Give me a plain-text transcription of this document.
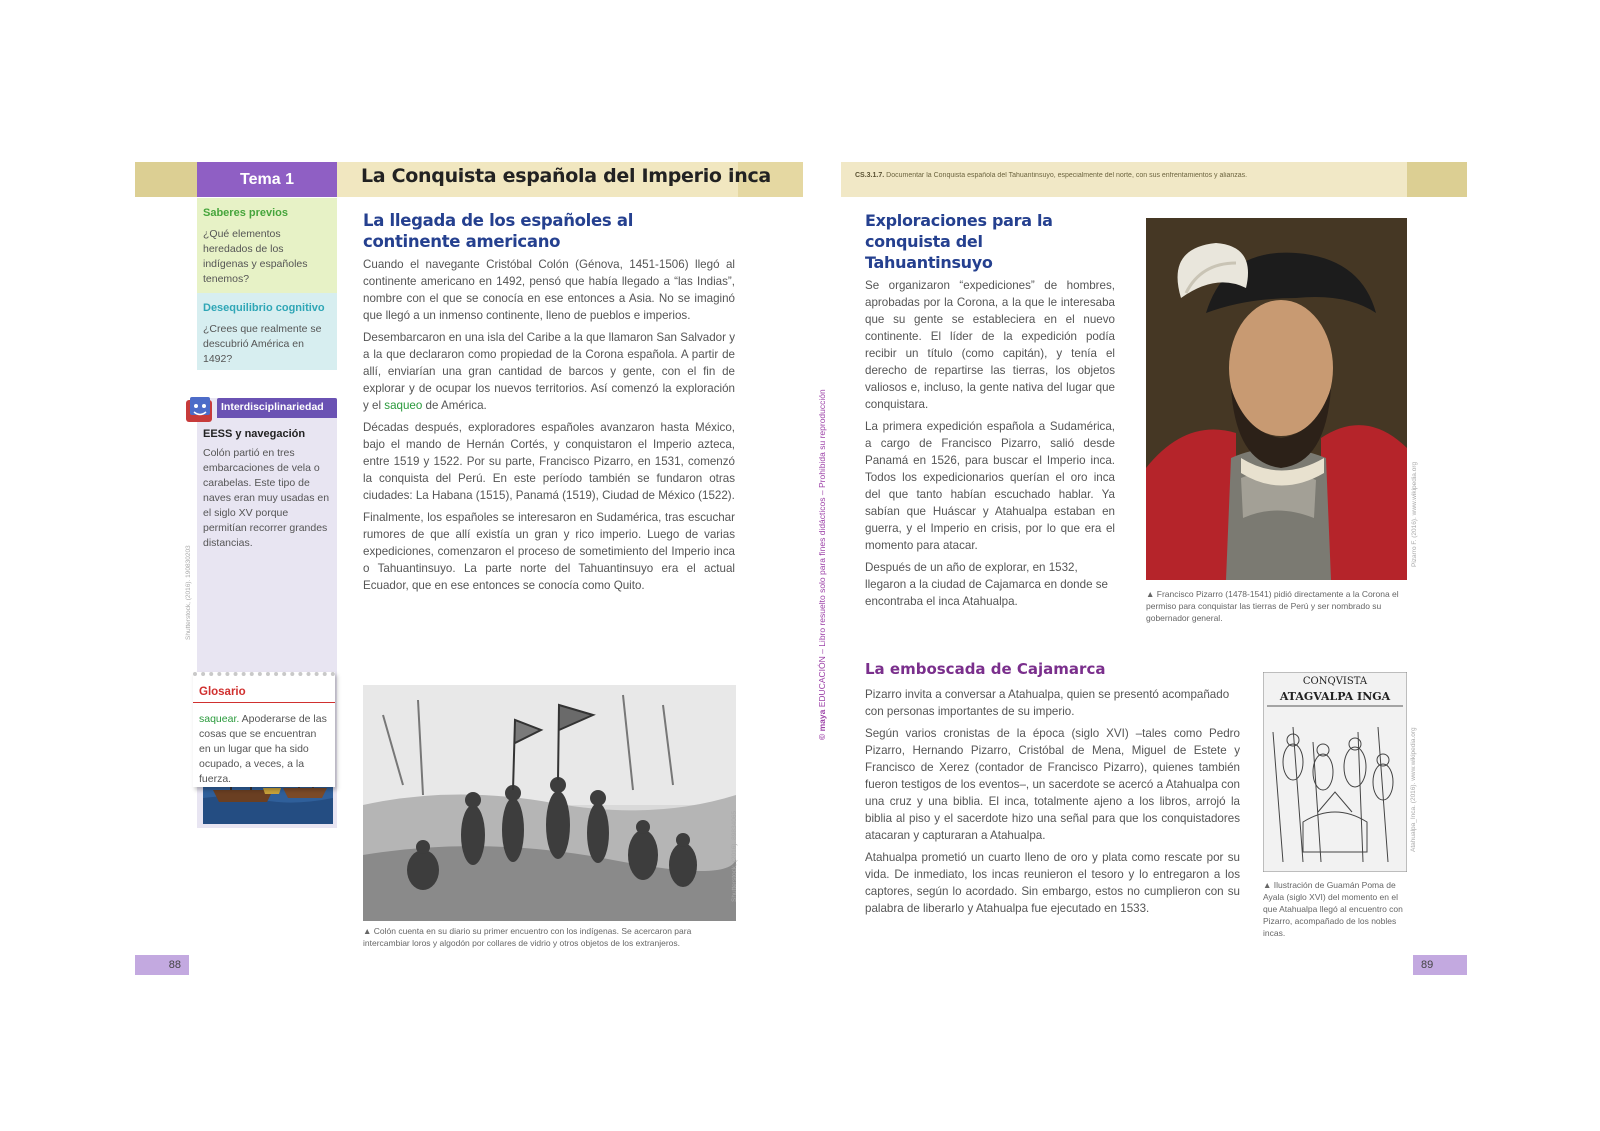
Tema 1	La Conquista española del Imperio inca	CS.3.1.7. Documentar la Conquista española del Tahuantinsuyo, especialmente del norte, con sus enfrentamientos y alianzas.
Saberes previos
¿Qué elementos heredados de los indígenas y españoles tenemos?
Desequilibrio cognitivo
¿Crees que realmente se descubrió América en 1492?
Interdisciplinariedad
EESS y navegación
Colón partió en tres embarcaciones de vela o carabelas. Este tipo de naves eran muy usadas en el siglo XV porque permitían recorrer grandes distancias.
Shutterstock, (2016). 190830203
Glosario

saquear. Apoderarse de las cosas que se encuentran en un lugar que ha sido ocupado, a veces, a la fuerza.

La llegada de los españoles al continente americano

Cuando el navegante Cristóbal Colón (Génova, 1451-1506) llegó al continente americano en 1492, pensó que había llegado a “las Indias”, nombre con el que se conocía en ese entonces a Asia. No se imaginó que llegó a un inmenso continente, lleno de pueblos e imperios.

Desembarcaron en una isla del Caribe a la que llamaron San Salvador y a la que declararon como propiedad de la Corona española. A partir de allí, enviarían una gran cantidad de barcos y gente, con el fin de explorar y de ocupar los nuevos territorios. Así comenzó la exploración y el saqueo de América.

Décadas después, exploradores españoles avanzaron hasta México, bajo el mando de Hernán Cortés, y conquistaron el Imperio azteca, entre 1519 y 1522. Por su parte, Francisco Pizarro, en 1531, comenzó la conquista del Perú. En este período también se fundaron otras ciudades: La Habana (1515), Panamá (1519), Ciudad de México (1522).

Finalmente, los españoles se interesaron en Sudamérica, tras escuchar rumores de que allí existía un gran y rico imperio. Luego de varias expediciones, comenzaron el proceso de sometimiento del Imperio inca o Tahuantinsuyo. La parte norte del Tahuantinsuyo era el actual Ecuador, que en ese entonces se conocía como Quito.

Shutterstock, (2016). 89834065
▲ Colón cuenta en su diario su primer encuentro con los indígenas. Se acercaron para intercambiar loros y algodón por collares de vidrio y otros objetos de los extranjeros.
88
© maya EDUCACIÓN – Libro resuelto solo para fines didácticos – Prohibida su reproducción
Exploraciones para la conquista del Tahuantinsuyo

Se organizaron “expediciones” de hombres, aprobadas por la Corona, a la que le interesaba que su gente se estableciera en el nuevo continente. El líder de la expedición podía recibir un título (como capitán), y tenía el derecho de repartirse las tierras, los objetos valiosos e, incluso, la gente nativa del lugar que conquistara.

La primera expedición española a Sudamérica, a cargo de Francisco Pizarro, salió desde Panamá en 1526, para buscar el Imperio inca. Todos los expedicionarios querían el oro inca del que tanto habían escuchado hablar. Ya sabían que Huáscar y Atahualpa estaban en guerra, y el Imperio en crisis, por lo que era el momento para atacar.

Después de un año de explorar, en 1532, llegaron a la ciudad de Cajamarca en donde se encontraba el inca Atahualpa.

Pizarro F. (2016). www.wikipedia.org
▲ Francisco Pizarro (1478-1541) pidió directamente a la Corona el permiso para conquistar las tierras de Perú y ser nombrado su gobernador general.
La emboscada de Cajamarca

Pizarro invita a conversar a Atahualpa, quien se presentó acompañado con personas importantes de su imperio.

Según varios cronistas de la época (siglo XVI) –tales como Pedro Pizarro, Hernando Pizarro, Cristóbal de Mena, Miguel de Estete y Francisco de Xerez (contador de Francisco Pizarro), quienes también fueron testigos de los eventos–, un sacerdote se acercó a Atahualpa con una cruz y una biblia. El inca, totalmente ajeno a los libros, arrojó la biblia al piso y el sacerdote hizo una señal para que los conquistadores atacaran y capturaran a Atahualpa.

Atahualpa prometió un cuarto lleno de oro y plata como rescate por su vida. De inmediato, los incas reunieron el tesoro y lo entregaron a los captores, según lo acordado. Sin embargo, estos no cumplieron con su palabra de liberarlo y Atahualpa fue ejecutado en 1533.

CONQVISTA
ATAGVALPA INGA
Atahualpa_Inca. (2016). www.wikipedia.org
▲ Ilustración de Guamán Poma de Ayala (siglo XVI) del momento en el que Atahualpa llegó al encuentro con Pizarro, acompañado de los nobles incas.
89
